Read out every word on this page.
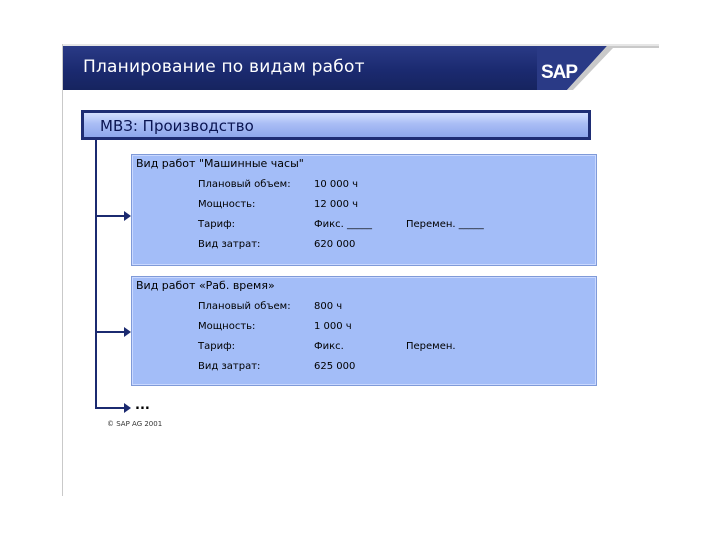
Планирование по видам работ	SAP
МВЗ: Производство
Вид работ "Машинные часы"
Плановый объем: 10 000 ч
Мощность:	12 000 ч
Тариф:	Фикс. _____	Перемен. _____
Вид затрат:	620 000
Вид работ «Раб. время»
Плановый объем: 800 ч
Мощность:	1 000 ч
Тариф:	Фикс.	Перемен.
Вид затрат:	625 000
...
© SAP AG 2001
